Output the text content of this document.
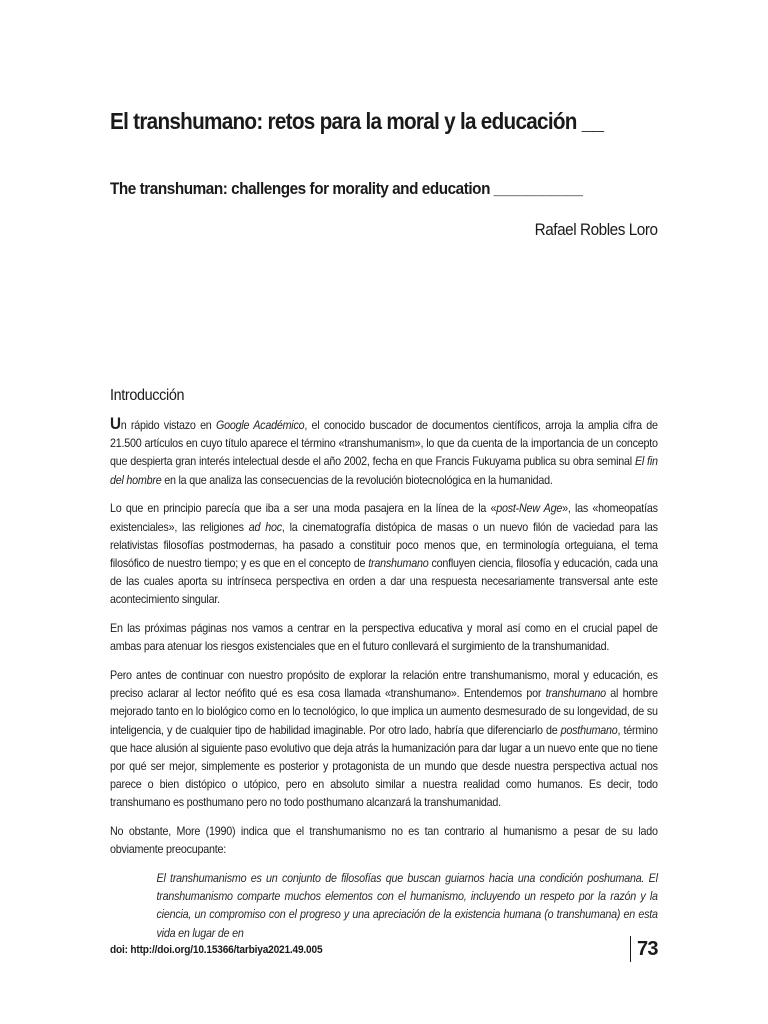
El transhumano: retos para la moral y la educación __
The transhuman: challenges for morality and education ___________
Rafael Robles Loro
Introducción

Un rápido vistazo en Google Académico, el conocido buscador de documentos científicos, arroja la amplia cifra de 21.500 artículos en cuyo título aparece el término «transhumanism», lo que da cuenta de la importancia de un concepto que despierta gran interés intelectual desde el año 2002, fecha en que Francis Fukuyama publica su obra seminal El fin del hombre en la que analiza las consecuencias de la revolución biotecnológica en la humanidad.

Lo que en principio parecía que iba a ser una moda pasajera en la línea de la «post-New Age», las «homeopatías existenciales», las religiones ad hoc, la cinematografía distópica de masas o un nuevo filón de vaciedad para las relativistas filosofías postmodernas, ha pasado a constituir poco menos que, en terminología orteguiana, el tema filosófico de nuestro tiempo; y es que en el concepto de transhumano confluyen ciencia, filosofía y educación, cada una de las cuales aporta su intrínseca perspectiva en orden a dar una respuesta necesariamente transversal ante este acontecimiento singular.

En las próximas páginas nos vamos a centrar en la perspectiva educativa y moral así como en el crucial papel de ambas para atenuar los riesgos existenciales que en el futuro conllevará el surgimiento de la transhumanidad.

Pero antes de continuar con nuestro propósito de explorar la relación entre transhumanismo, moral y educación, es preciso aclarar al lector neófito qué es esa cosa llamada «transhumano». Entendemos por transhumano al hombre mejorado tanto en lo biológico como en lo tecnológico, lo que implica un aumento desmesurado de su longevidad, de su inteligencia, y de cualquier tipo de habilidad imaginable. Por otro lado, habría que diferenciarlo de posthumano, término que hace alusión al siguiente paso evolutivo que deja atrás la humanización para dar lugar a un nuevo ente que no tiene por qué ser mejor, simplemente es posterior y protagonista de un mundo que desde nuestra perspectiva actual nos parece o bien distópico o utópico, pero en absoluto similar a nuestra realidad como humanos. Es decir, todo transhumano es posthumano pero no todo posthumano alcanzará la transhumanidad.

No obstante, More (1990) indica que el transhumanismo no es tan contrario al humanismo a pesar de su lado obviamente preocupante:

El transhumanismo es un conjunto de filosofías que buscan guiarnos hacia una condición poshumana. El transhumanismo comparte muchos elementos con el humanismo, incluyendo un respeto por la razón y la ciencia, un compromiso con el progreso y una apreciación de la existencia humana (o transhumana) en esta vida en lugar de en

doi: http://doi.org/10.15366/tarbiya2021.49.005	73
